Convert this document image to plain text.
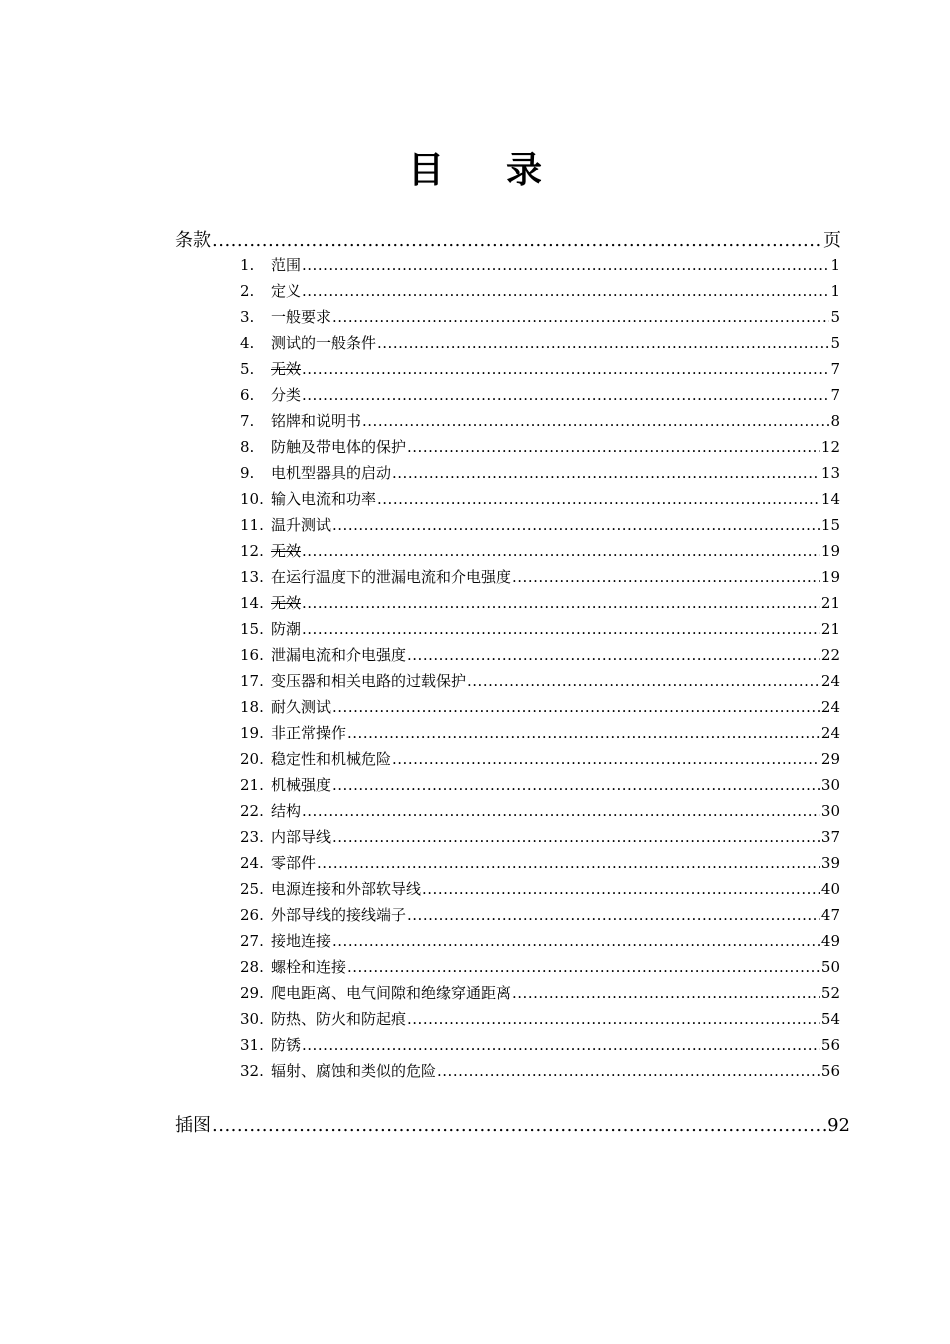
目 录
条款 .....	页
1. 范围 .....	1
2. 定义 .....	1
3. 一般要求 .....	5
4. 测试的一般条件 .....	5
5. 无效 .....	7
6. 分类 .....	7
7. 铭牌和说明书 .....	8
8. 防触及带电体的保护 .....	12
9. 电机型器具的启动 .....	13
10. 输入电流和功率 .....	14
11. 温升测试 .....	15
12. 无效 .....	19
13. 在运行温度下的泄漏电流和介电强度 .....	19
14. 无效 .....	21
15. 防潮 .....	21
16. 泄漏电流和介电强度 .....	22
17. 变压器和相关电路的过载保护 .....	24
18. 耐久测试 .....	24
19. 非正常操作 .....	24
20. 稳定性和机械危险 .....	29
21. 机械强度 .....	30
22. 结构 .....	30
23. 内部导线 .....	37
24. 零部件 .....	39
25. 电源连接和外部软导线 .....	40
26. 外部导线的接线端子 .....	47
27. 接地连接 .....	49
28. 螺栓和连接 .....	50
29. 爬电距离、电气间隙和绝缘穿通距离 .....	52
30. 防热、防火和防起痕 .....	54
31. 防锈 .....	56
32. 辐射、腐蚀和类似的危险 .....	56
插图 .....	92
